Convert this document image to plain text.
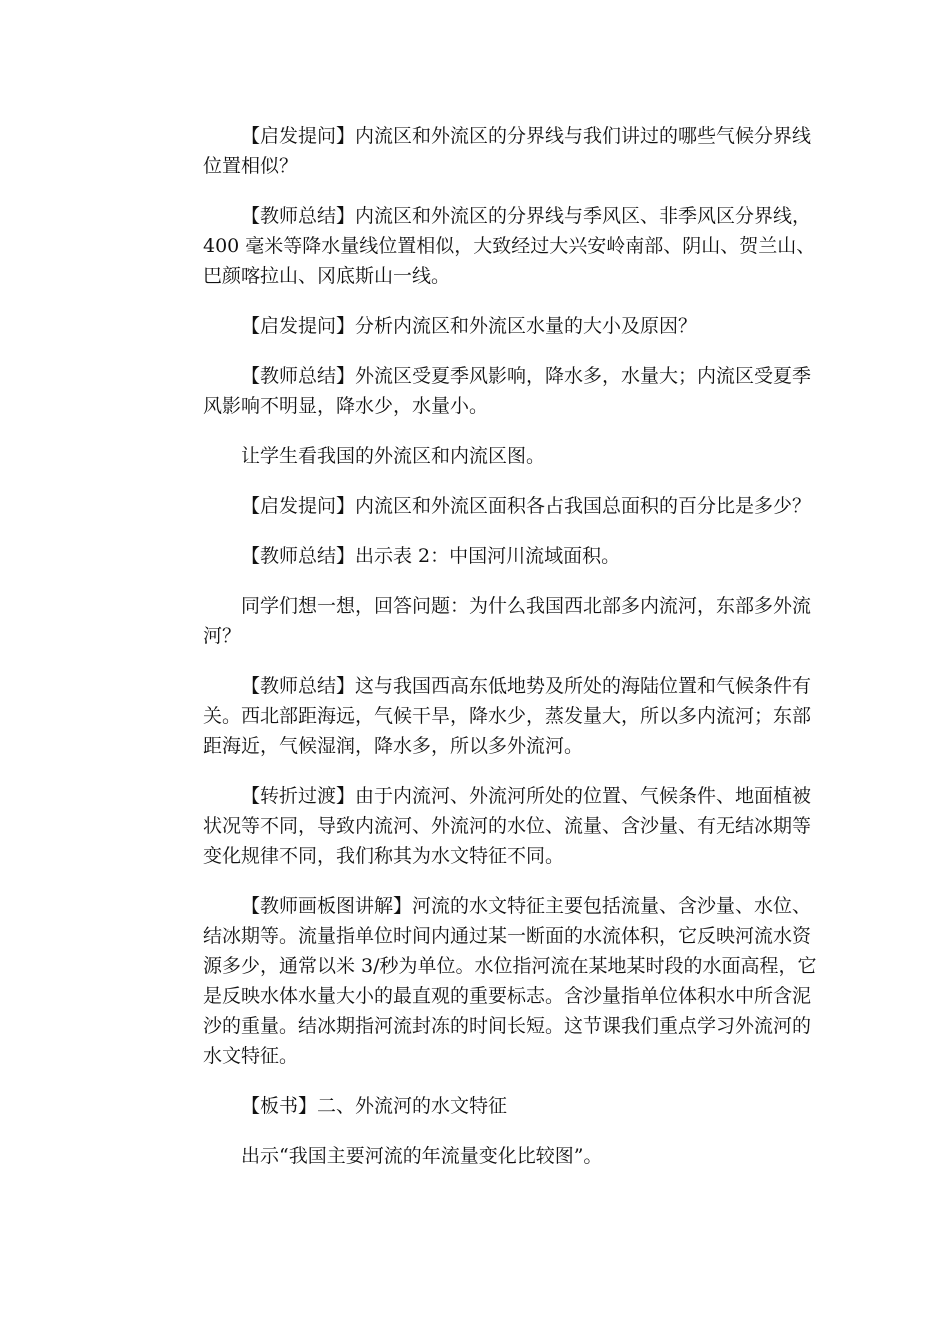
【启发提问】内流区和外流区的分界线与我们讲过的哪些气候分界线位置相似？

【教师总结】内流区和外流区的分界线与季风区、非季风区分界线，400 毫米等降水量线位置相似，大致经过大兴安岭南部、阴山、贺兰山、巴颜喀拉山、冈底斯山一线。

【启发提问】分析内流区和外流区水量的大小及原因？

【教师总结】外流区受夏季风影响，降水多，水量大；内流区受夏季风影响不明显，降水少，水量小。

让学生看我国的外流区和内流区图。

【启发提问】内流区和外流区面积各占我国总面积的百分比是多少？

【教师总结】出示表 2：中国河川流域面积。

同学们想一想，回答问题：为什么我国西北部多内流河，东部多外流河？

【教师总结】这与我国西高东低地势及所处的海陆位置和气候条件有关。西北部距海远，气候干旱，降水少，蒸发量大，所以多内流河；东部距海近，气候湿润，降水多，所以多外流河。

【转折过渡】由于内流河、外流河所处的位置、气候条件、地面植被状况等不同，导致内流河、外流河的水位、流量、含沙量、有无结冰期等变化规律不同，我们称其为水文特征不同。

【教师画板图讲解】河流的水文特征主要包括流量、含沙量、水位、结冰期等。流量指单位时间内通过某一断面的水流体积，它反映河流水资源多少，通常以米 3/秒为单位。水位指河流在某地某时段的水面高程，它是反映水体水量大小的最直观的重要标志。含沙量指单位体积水中所含泥沙的重量。结冰期指河流封冻的时间长短。这节课我们重点学习外流河的水文特征。

【板书】二、外流河的水文特征

出示“我国主要河流的年流量变化比较图”。
